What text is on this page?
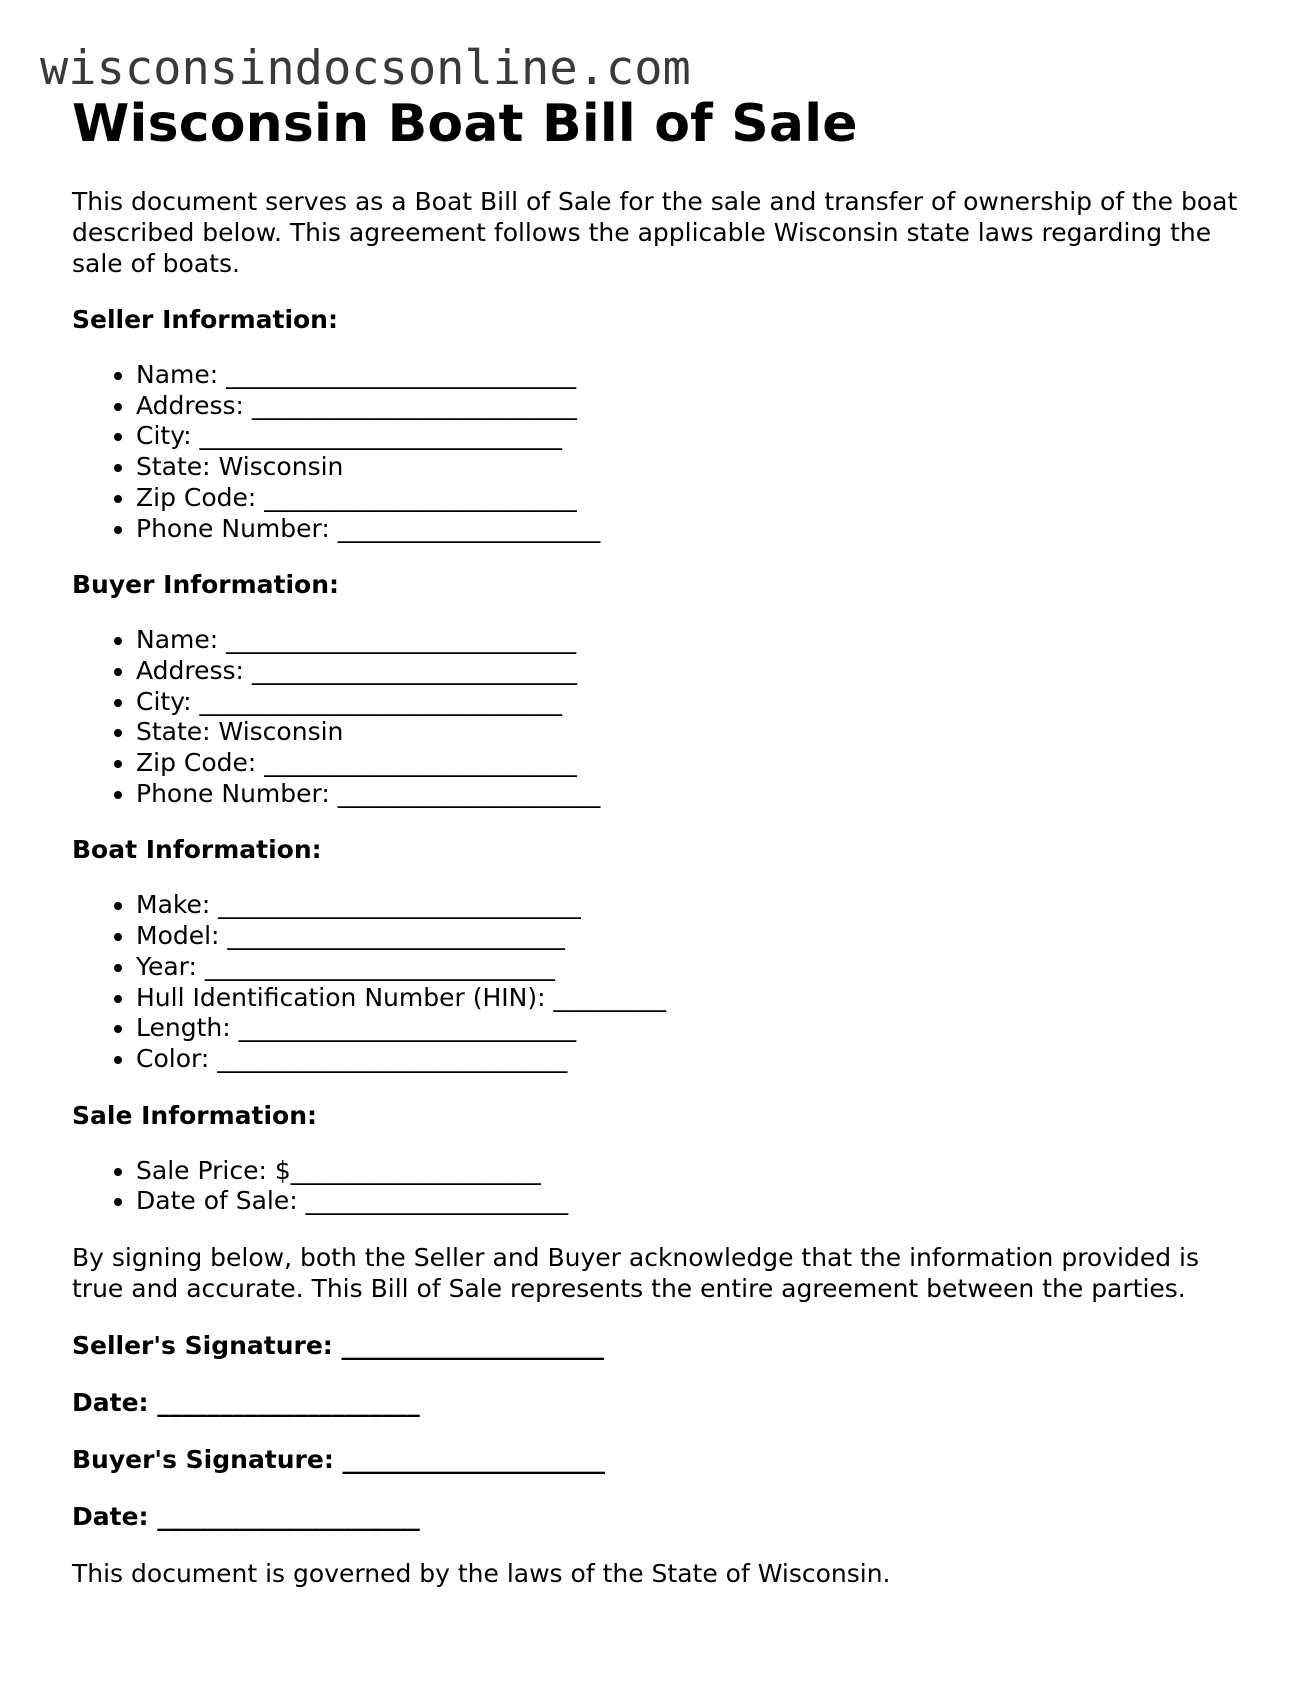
wisconsindocsonline.com
Wisconsin Boat Bill of Sale

This document serves as a Boat Bill of Sale for the sale and transfer of ownership of the boat described below. This agreement follows the applicable Wisconsin state laws regarding the sale of boats.

Seller Information:
• Name: ____________________________
• Address: __________________________
• City: _____________________________
• State: Wisconsin
• Zip Code: _________________________
• Phone Number: _____________________
Buyer Information:
• Name: ____________________________
• Address: __________________________
• City: _____________________________
• State: Wisconsin
• Zip Code: _________________________
• Phone Number: _____________________
Boat Information:
• Make: _____________________________
• Model: ___________________________
• Year: ____________________________
• Hull Identification Number (HIN): _________
• Length: ___________________________
• Color: ____________________________
Sale Information:
• Sale Price: $____________________
• Date of Sale: _____________________

By signing below, both the Seller and Buyer acknowledge that the information provided is true and accurate. This Bill of Sale represents the entire agreement between the parties.

Seller's Signature: _____________________
Date: _____________________
Buyer's Signature: _____________________
Date: _____________________

This document is governed by the laws of the State of Wisconsin.
